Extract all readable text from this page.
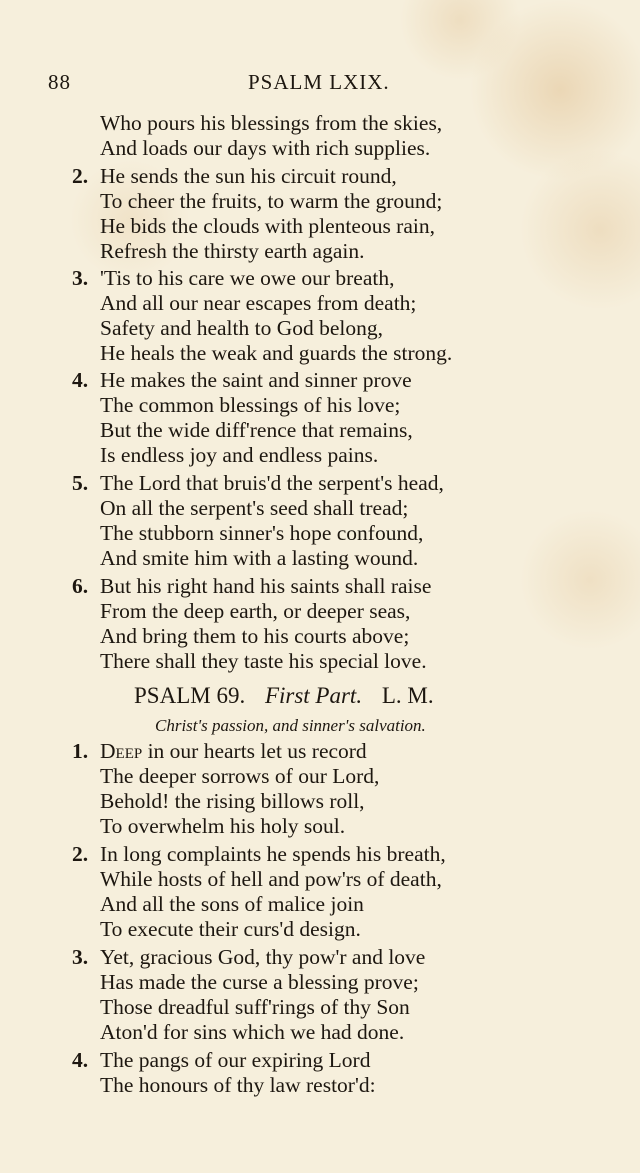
88	PSALM LXIX.
Who pours his blessings from the skies,
And loads our days with rich supplies.
2. He sends the sun his circuit round,
To cheer the fruits, to warm the ground;
He bids the clouds with plenteous rain,
Refresh the thirsty earth again.
3. 'Tis to his care we owe our breath,
And all our near escapes from death;
Safety and health to God belong,
He heals the weak and guards the strong.
4. He makes the saint and sinner prove
The common blessings of his love;
But the wide diff'rence that remains,
Is endless joy and endless pains.
5. The Lord that bruis'd the serpent's head,
On all the serpent's seed shall tread;
The stubborn sinner's hope confound,
And smite him with a lasting wound.
6. But his right hand his saints shall raise
From the deep earth, or deeper seas,
And bring them to his courts above;
There shall they taste his special love.
PSALM 69. First Part. L. M.
Christ's passion, and sinner's salvation.
1. Deep in our hearts let us record
The deeper sorrows of our Lord,
Behold! the rising billows roll,
To overwhelm his holy soul.
2. In long complaints he spends his breath,
While hosts of hell and pow'rs of death,
And all the sons of malice join
To execute their curs'd design.
3. Yet, gracious God, thy pow'r and love
Has made the curse a blessing prove;
Those dreadful suff'rings of thy Son
Aton'd for sins which we had done.
4. The pangs of our expiring Lord
The honours of thy law restor'd:
